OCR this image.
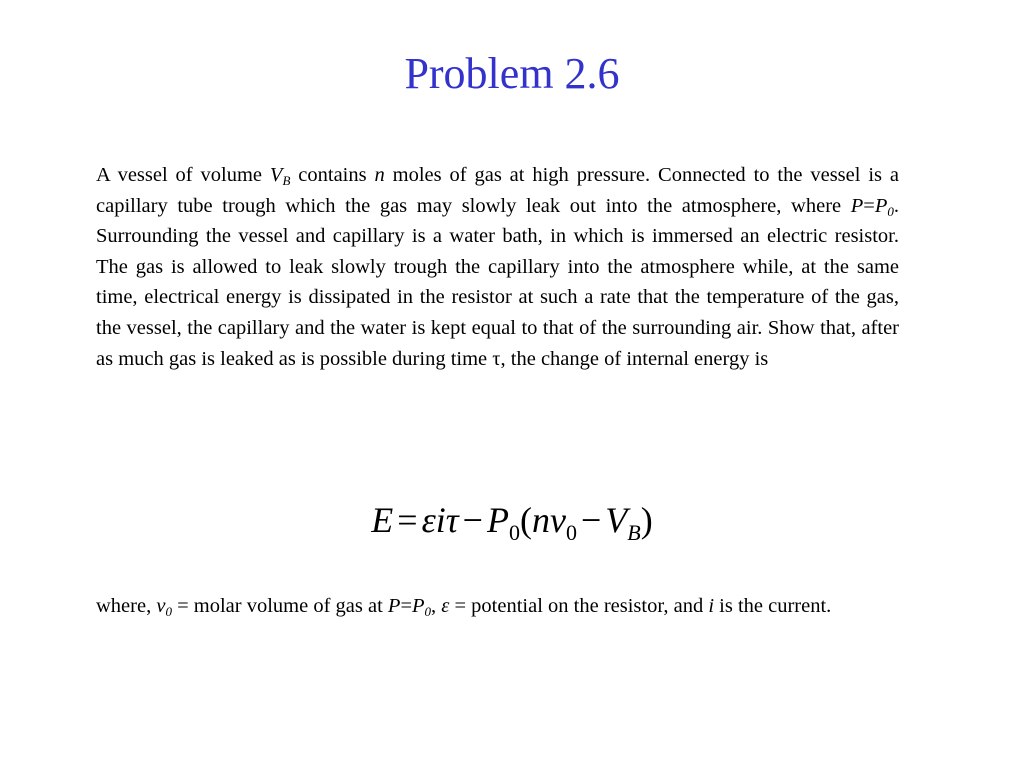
Problem 2.6

A vessel of volume $V_B$ contains n moles of gas at high pressure. Connected to the vessel is a capillary tube trough which the gas may slowly leak out into the atmosphere, where $P=P_0$. Surrounding the vessel and capillary is a water bath, in which is immersed an electric resistor. The gas is allowed to leak slowly trough the capillary into the atmosphere while, at the same time, electrical energy is dissipated in the resistor at such a rate that the temperature of the gas, the vessel, the capillary and the water is kept equal to that of the surrounding air. Show that, after as much gas is leaked as is possible during time τ, the change of internal energy is

$E = \varepsilon i\tau - P_0(nv_0 - V_B)$

where, $v_0$ = molar volume of gas at $P=P_0$, ε = potential on the resistor, and i is the current.
